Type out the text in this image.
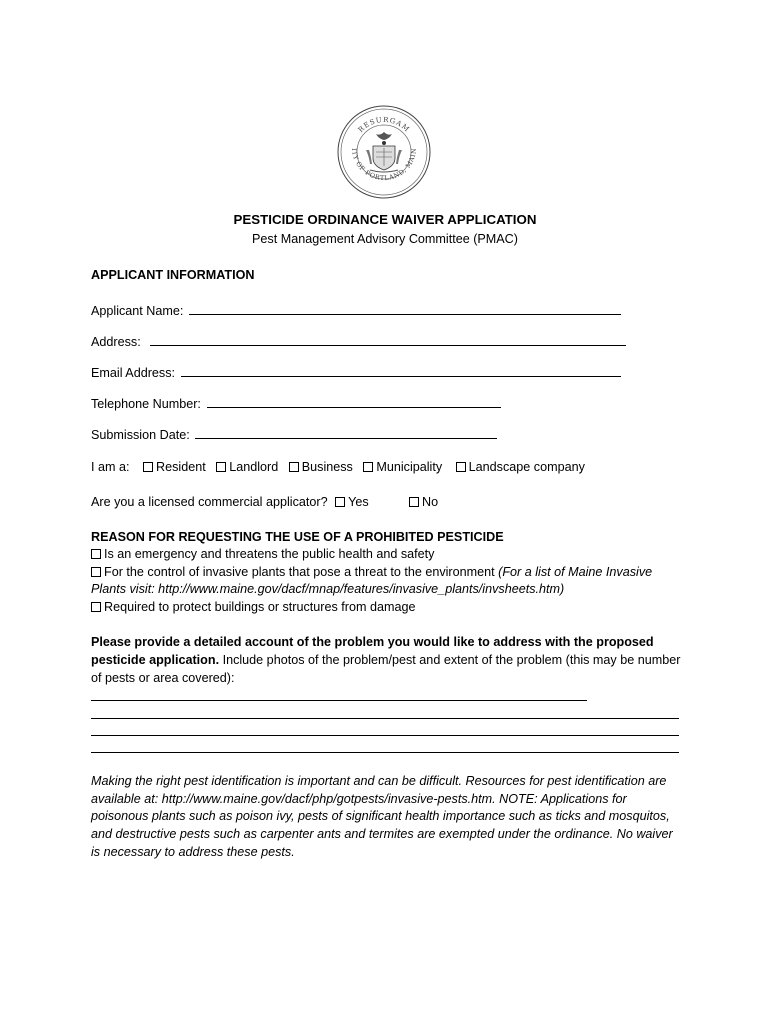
RESURGAM
ITY OF PORTLAND, MAIN
PESTICIDE ORDINANCE WAIVER APPLICATION
Pest Management Advisory Committee (PMAC)
APPLICANT INFORMATION
Applicant Name:
Address:
Email Address:
Telephone Number:
Submission Date:
I am a: Resident Landlord Business Municipality Landscape company
Are you a licensed commercial applicator? Yes	No
REASON FOR REQUESTING THE USE OF A PROHIBITED PESTICIDE
Is an emergency and threatens the public health and safety
For the control of invasive plants that pose a threat to the environment (For a list of Maine Invasive
Plants visit: http://www.maine.gov/dacf/mnap/features/invasive_plants/invsheets.htm)
Required to protect buildings or structures from damage
Please provide a detailed account of the problem you would like to address with the proposed
pesticide application. Include photos of the problem/pest and extent of the problem (this may be number
of pests or area covered):
Making the right pest identification is important and can be difficult. Resources for pest identification are
available at: http://www.maine.gov/dacf/php/gotpests/invasive-pests.htm. NOTE: Applications for
poisonous plants such as poison ivy, pests of significant health importance such as ticks and mosquitos,
and destructive pests such as carpenter ants and termites are exempted under the ordinance. No waiver
is necessary to address these pests.
